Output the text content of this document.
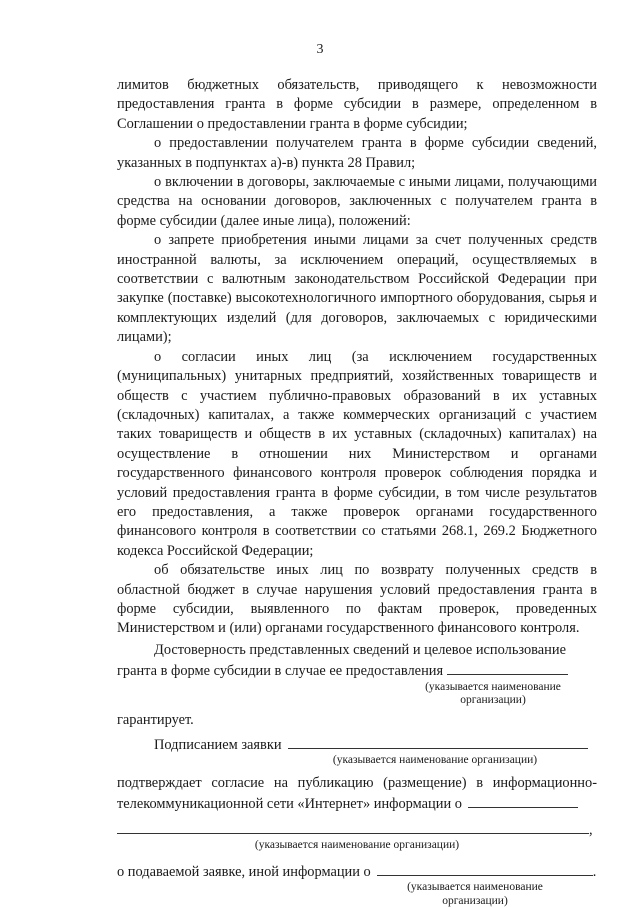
3

лимитов бюджетных обязательств, приводящего к невозможности предоставления гранта в форме субсидии в размере, определенном в Соглашении о предоставлении гранта в форме субсидии;

о предоставлении получателем гранта в форме субсидии сведений, указанных в подпунктах а)-в) пункта 28 Правил;

о включении в договоры, заключаемые с иными лицами, получающими средства на основании договоров, заключенных с получателем гранта в форме субсидии (далее иные лица), положений:

о запрете приобретения иными лицами за счет полученных средств иностранной валюты, за исключением операций, осуществляемых в соответствии с валютным законодательством Российской Федерации при закупке (поставке) высокотехнологичного импортного оборудования, сырья и комплектующих изделий (для договоров, заключаемых с юридическими лицами);

о согласии иных лиц (за исключением государственных (муниципальных) унитарных предприятий, хозяйственных товариществ и обществ с участием публично-правовых образований в их уставных (складочных) капиталах, а также коммерческих организаций с участием таких товариществ и обществ в их уставных (складочных) капиталах) на осуществление в отношении них Министерством и органами государственного финансового контроля проверок соблюдения порядка и условий предоставления гранта в форме субсидии, в том числе результатов его предоставления, а также проверок органами государственного финансового контроля в соответствии со статьями 268.1, 269.2 Бюджетного кодекса Российской Федерации;

об обязательстве иных лиц по возврату полученных средств в областной бюджет в случае нарушения условий предоставления гранта в форме субсидии, выявленного по фактам проверок, проведенных Министерством и (или) органами государственного финансового контроля.

Достоверность представленных сведений и целевое использование

гранта в форме субсидии в случае ее предоставления
(указывается наименование
организации)

гарантирует.

Подписанием заявки
(указывается наименование организации)

подтверждает согласие на публикацию (размещение) в информационно-

телекоммуникационной сети «Интернет» информации о
,
(указывается наименование организации)
о подаваемой заявке, иной информации о	.
(указывается наименование
организации)
